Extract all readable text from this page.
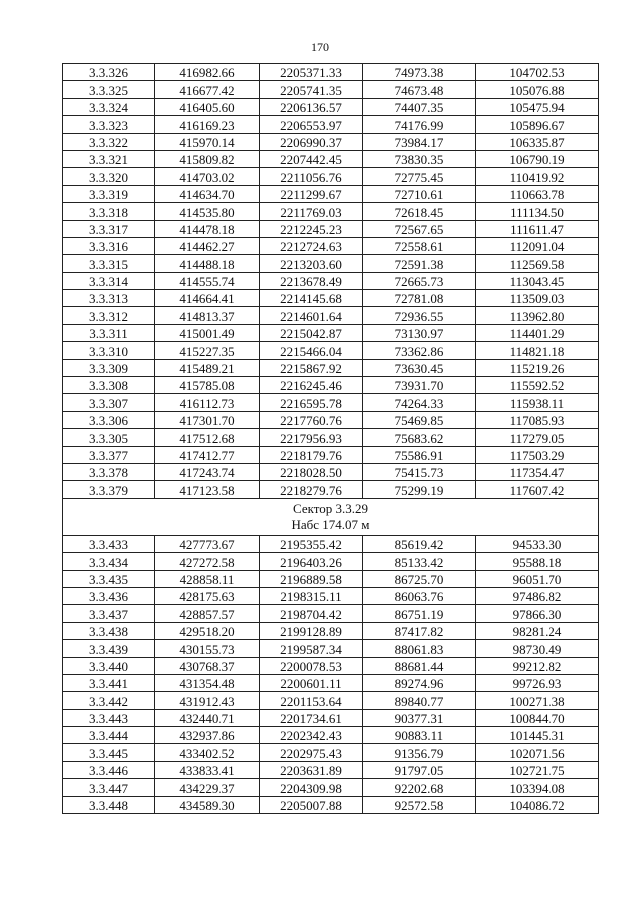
170
3.3.326	416982.66	2205371.33	74973.38	104702.53
3.3.325	416677.42	2205741.35	74673.48	105076.88
3.3.324	416405.60	2206136.57	74407.35	105475.94
3.3.323	416169.23	2206553.97	74176.99	105896.67
3.3.322	415970.14	2206990.37	73984.17	106335.87
3.3.321	415809.82	2207442.45	73830.35	106790.19
3.3.320	414703.02	2211056.76	72775.45	110419.92
3.3.319	414634.70	2211299.67	72710.61	110663.78
3.3.318	414535.80	2211769.03	72618.45	111134.50
3.3.317	414478.18	2212245.23	72567.65	111611.47
3.3.316	414462.27	2212724.63	72558.61	112091.04
3.3.315	414488.18	2213203.60	72591.38	112569.58
3.3.314	414555.74	2213678.49	72665.73	113043.45
3.3.313	414664.41	2214145.68	72781.08	113509.03
3.3.312	414813.37	2214601.64	72936.55	113962.80
3.3.311	415001.49	2215042.87	73130.97	114401.29
3.3.310	415227.35	2215466.04	73362.86	114821.18
3.3.309	415489.21	2215867.92	73630.45	115219.26
3.3.308	415785.08	2216245.46	73931.70	115592.52
3.3.307	416112.73	2216595.78	74264.33	115938.11
3.3.306	417301.70	2217760.76	75469.85	117085.93
3.3.305	417512.68	2217956.93	75683.62	117279.05
3.3.377	417412.77	2218179.76	75586.91	117503.29
3.3.378	417243.74	2218028.50	75415.73	117354.47
3.3.379	417123.58	2218279.76	75299.19	117607.42

Сектор 3.3.29
Набс 174.07 м				

3.3.433	427773.67	2195355.42	85619.42	94533.30
3.3.434	427272.58	2196403.26	85133.42	95588.18
3.3.435	428858.11	2196889.58	86725.70	96051.70
3.3.436	428175.63	2198315.11	86063.76	97486.82
3.3.437	428857.57	2198704.42	86751.19	97866.30
3.3.438	429518.20	2199128.89	87417.82	98281.24
3.3.439	430155.73	2199587.34	88061.83	98730.49
3.3.440	430768.37	2200078.53	88681.44	99212.82
3.3.441	431354.48	2200601.11	89274.96	99726.93
3.3.442	431912.43	2201153.64	89840.77	100271.38
3.3.443	432440.71	2201734.61	90377.31	100844.70
3.3.444	432937.86	2202342.43	90883.11	101445.31
3.3.445	433402.52	2202975.43	91356.79	102071.56
3.3.446	433833.41	2203631.89	91797.05	102721.75
3.3.447	434229.37	2204309.98	92202.68	103394.08
3.3.448	434589.30	2205007.88	92572.58	104086.72
